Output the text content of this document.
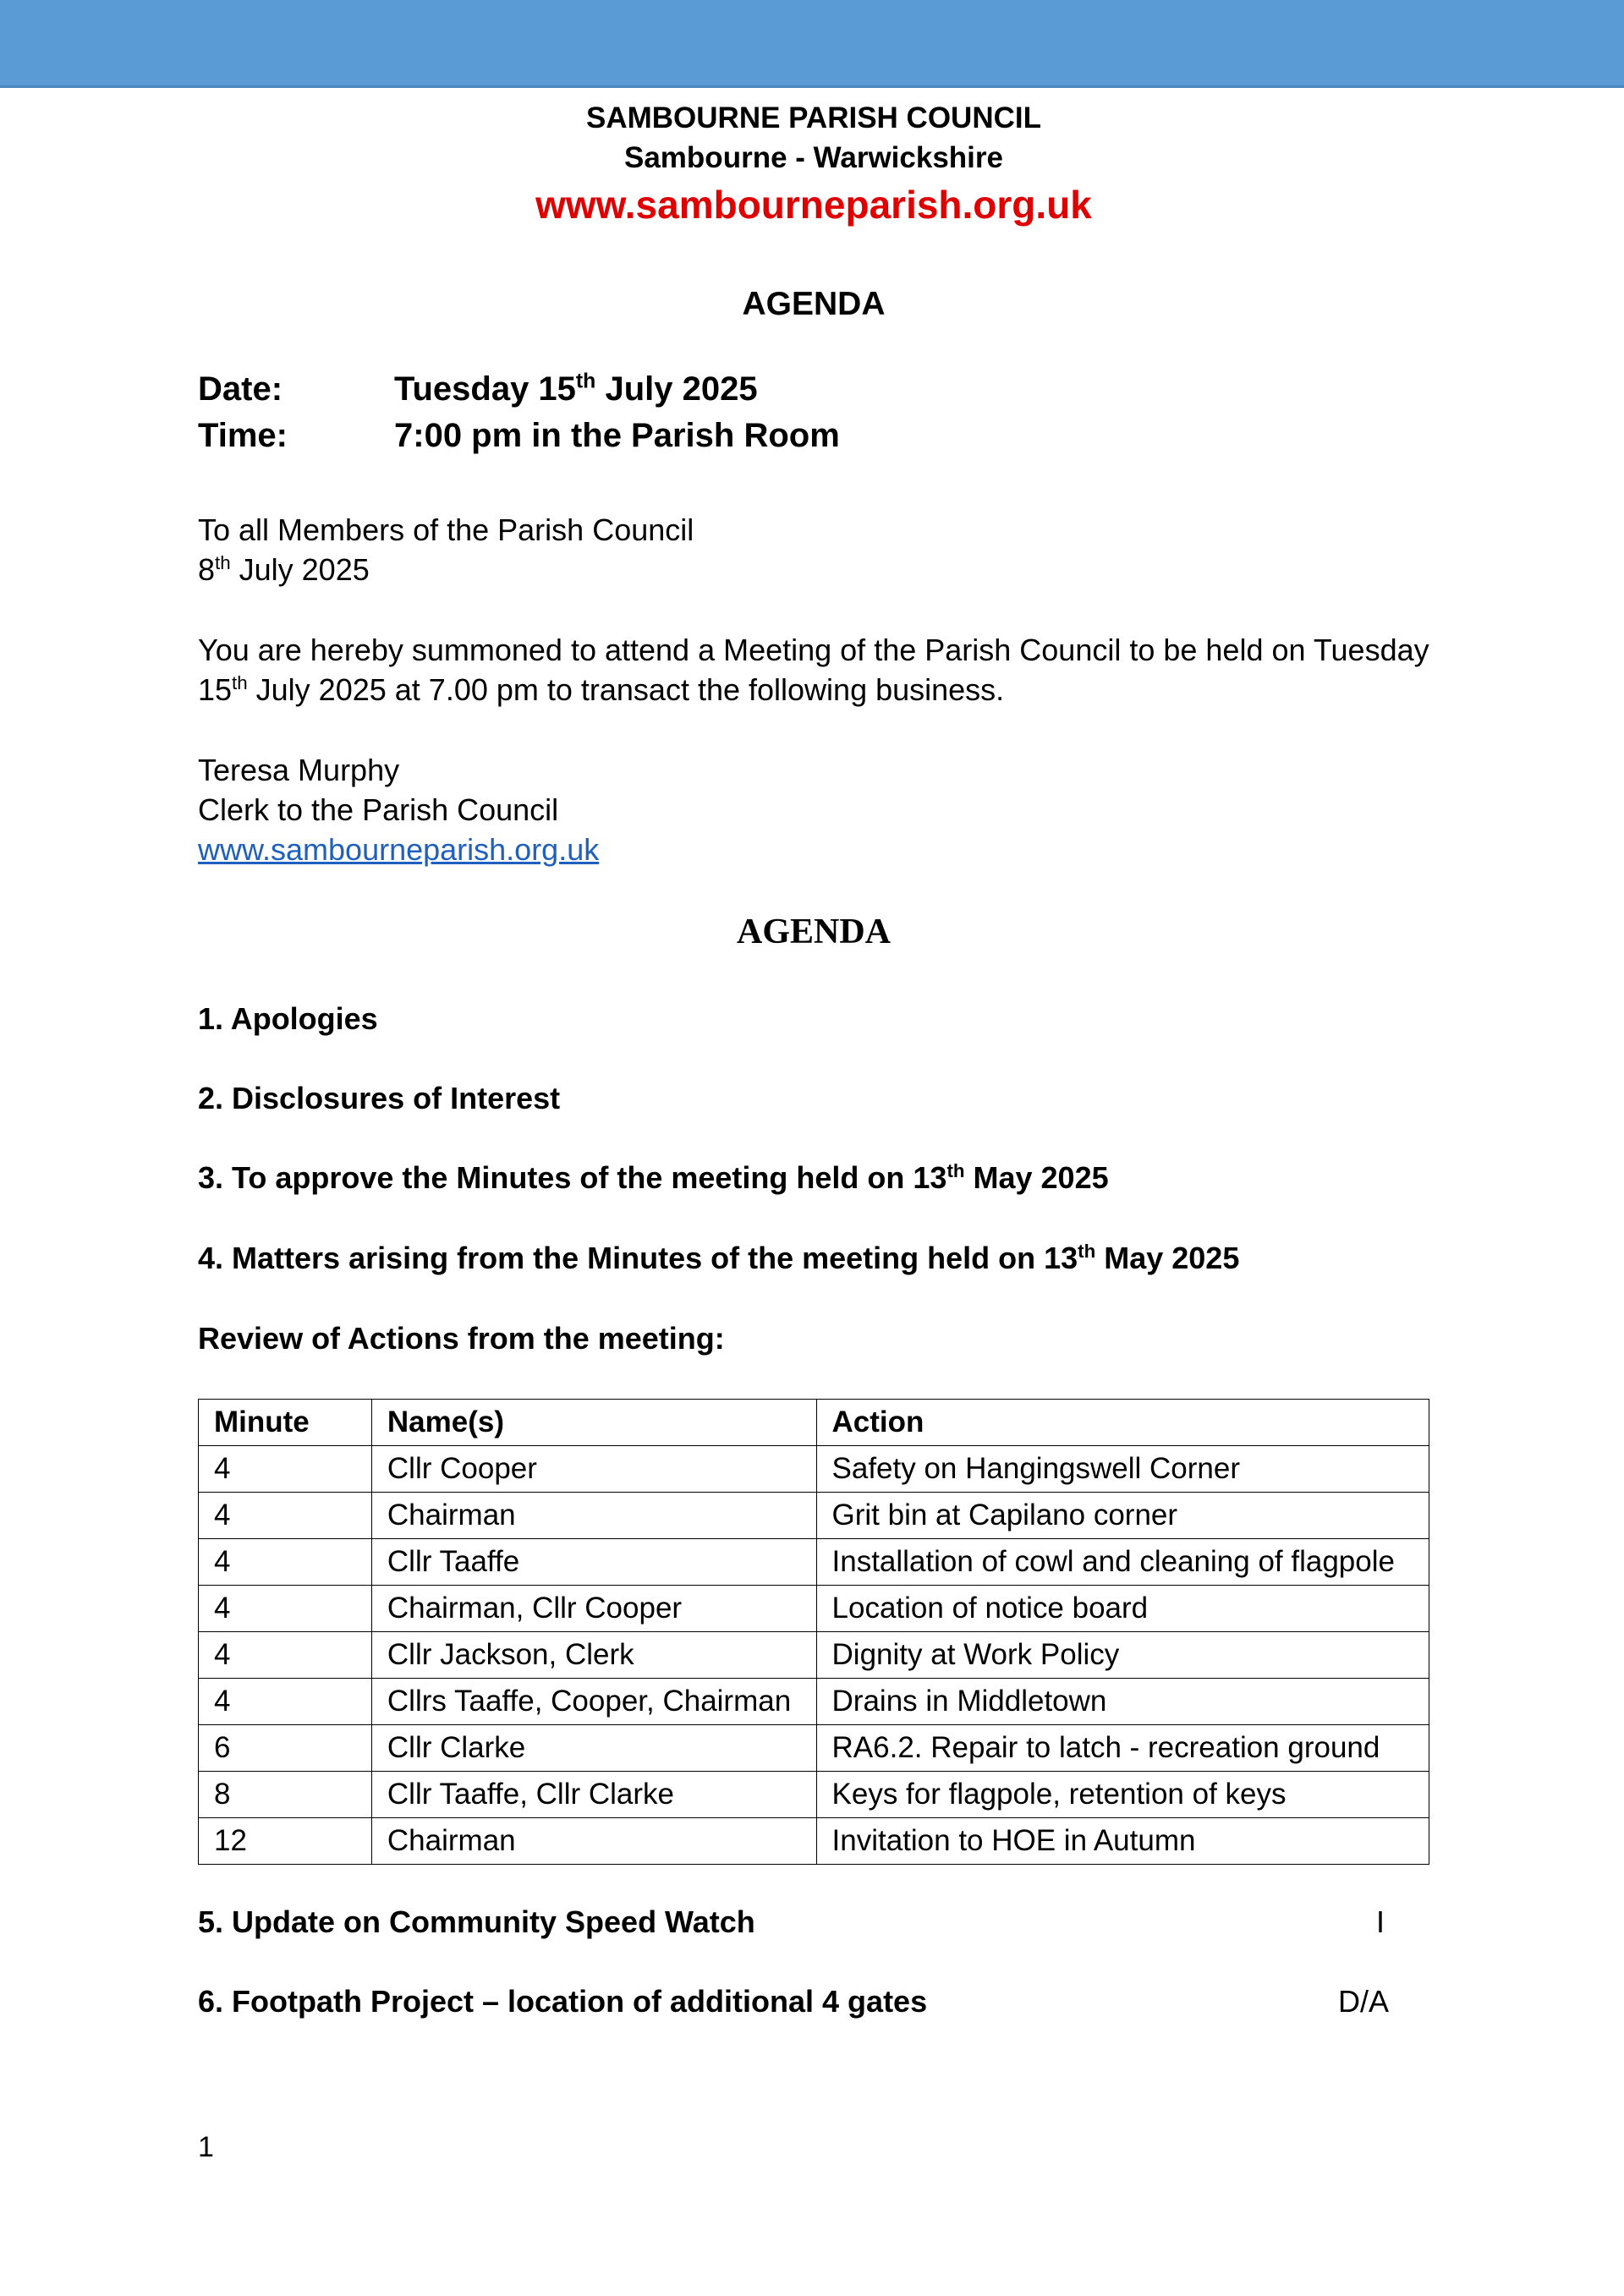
SAMBOURNE PARISH COUNCIL
Sambourne - Warwickshire
www.sambourneparish.org.uk
AGENDA
Date:	Tuesday 15th July 2025
Time:	7:00 pm in the Parish Room
To all Members of the Parish Council
8th July 2025
You are hereby summoned to attend a Meeting of the Parish Council to be held on Tuesday
15th July 2025 at 7.00 pm to transact the following business.
Teresa Murphy
Clerk to the Parish Council
www.sambourneparish.org.uk
AGENDA
1. Apologies
2. Disclosures of Interest
3. To approve the Minutes of the meeting held on 13th May 2025
4. Matters arising from the Minutes of the meeting held on 13th May 2025
Review of Actions from the meeting:
Minute	Name(s)	Action
4	Cllr Cooper	Safety on Hangingswell Corner
4	Chairman	Grit bin at Capilano corner
4	Cllr Taaffe	Installation of cowl and cleaning of flagpole
4	Chairman, Cllr Cooper	Location of notice board
4	Cllr Jackson, Clerk	Dignity at Work Policy
4	Cllrs Taaffe, Cooper, Chairman	Drains in Middletown
6	Cllr Clarke	RA6.2. Repair to latch - recreation ground
8	Cllr Taaffe, Cllr Clarke	Keys for flagpole, retention of keys
12	Chairman	Invitation to HOE in Autumn
5. Update on Community Speed Watch	I
6. Footpath Project – location of additional 4 gates	D/A
1
